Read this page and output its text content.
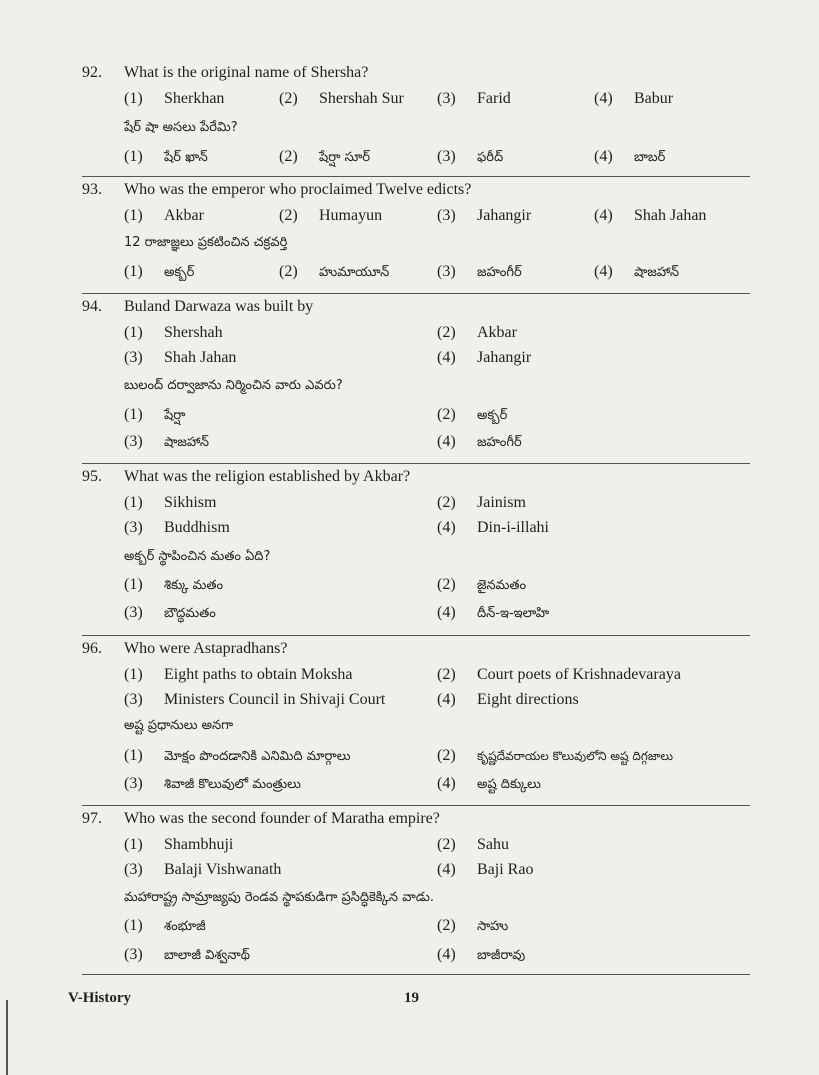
92. What is the original name of Shersha?
(1) Sherkhan	(2) Shershah Sur (3) Farid	(4) Babur
షేర్ షా అసలు పేరేమి?
(1) షేర్ ఖాన్	(2) షేర్షా సూర్	(3) ఫరీద్	(4) బాబర్
93. Who was the emperor who proclaimed Twelve edicts?
(1) Akbar	(2) Humayun	(3) Jahangir	(4) Shah Jahan
12 రాజాజ్ఞలు ప్రకటించిన చక్రవర్తి
(1) అక్బర్	(2) హుమాయూన్	(3) జహంగీర్	(4) షాజహాన్
94. Buland Darwaza was built by
(1) Shershah	(2) Akbar
(3) Shah Jahan	(4) Jahangir
బులంద్ దర్వాజాను నిర్మించిన వారు ఎవరు?
(1) షేర్షా	(2) అక్బర్
(3) షాజహాన్	(4) జహంగీర్
95. What was the religion established by Akbar?
(1) Sikhism	(2) Jainism
(3) Buddhism	(4) Din-i-illahi
అక్బర్ స్థాపించిన మతం ఏది?
(1) శిక్కు మతం	(2) జైనమతం
(3) బౌద్ధమతం	(4) దీన్-ఇ-ఇలాహి
96. Who were Astapradhans?
(1) Eight paths to obtain Moksha	(2) Court poets of Krishnadevaraya
(3) Ministers Council in Shivaji Court	(4) Eight directions
అష్ట ప్రధానులు అనగా
(1) మోక్షం పొందడానికి ఎనిమిది మార్గాలు	(2) కృష్ణదేవరాయల కొలువులోని అష్ట దిగ్గజాలు
(3) శివాజీ కొలువులో మంత్రులు	(4) అష్ట దిక్కులు
97. Who was the second founder of Maratha empire?
(1) Shambhuji	(2) Sahu
(3) Balaji Vishwanath	(4) Baji Rao
మహారాష్ట్ర సామ్రాజ్యపు రెండవ స్థాపకుడిగా ప్రసిద్ధికెక్కిన వాడు.
(1) శంభూజీ	(2) సాహు
(3) బాలాజీ విశ్వనాథ్	(4) బాజీరావు
V-History	19
